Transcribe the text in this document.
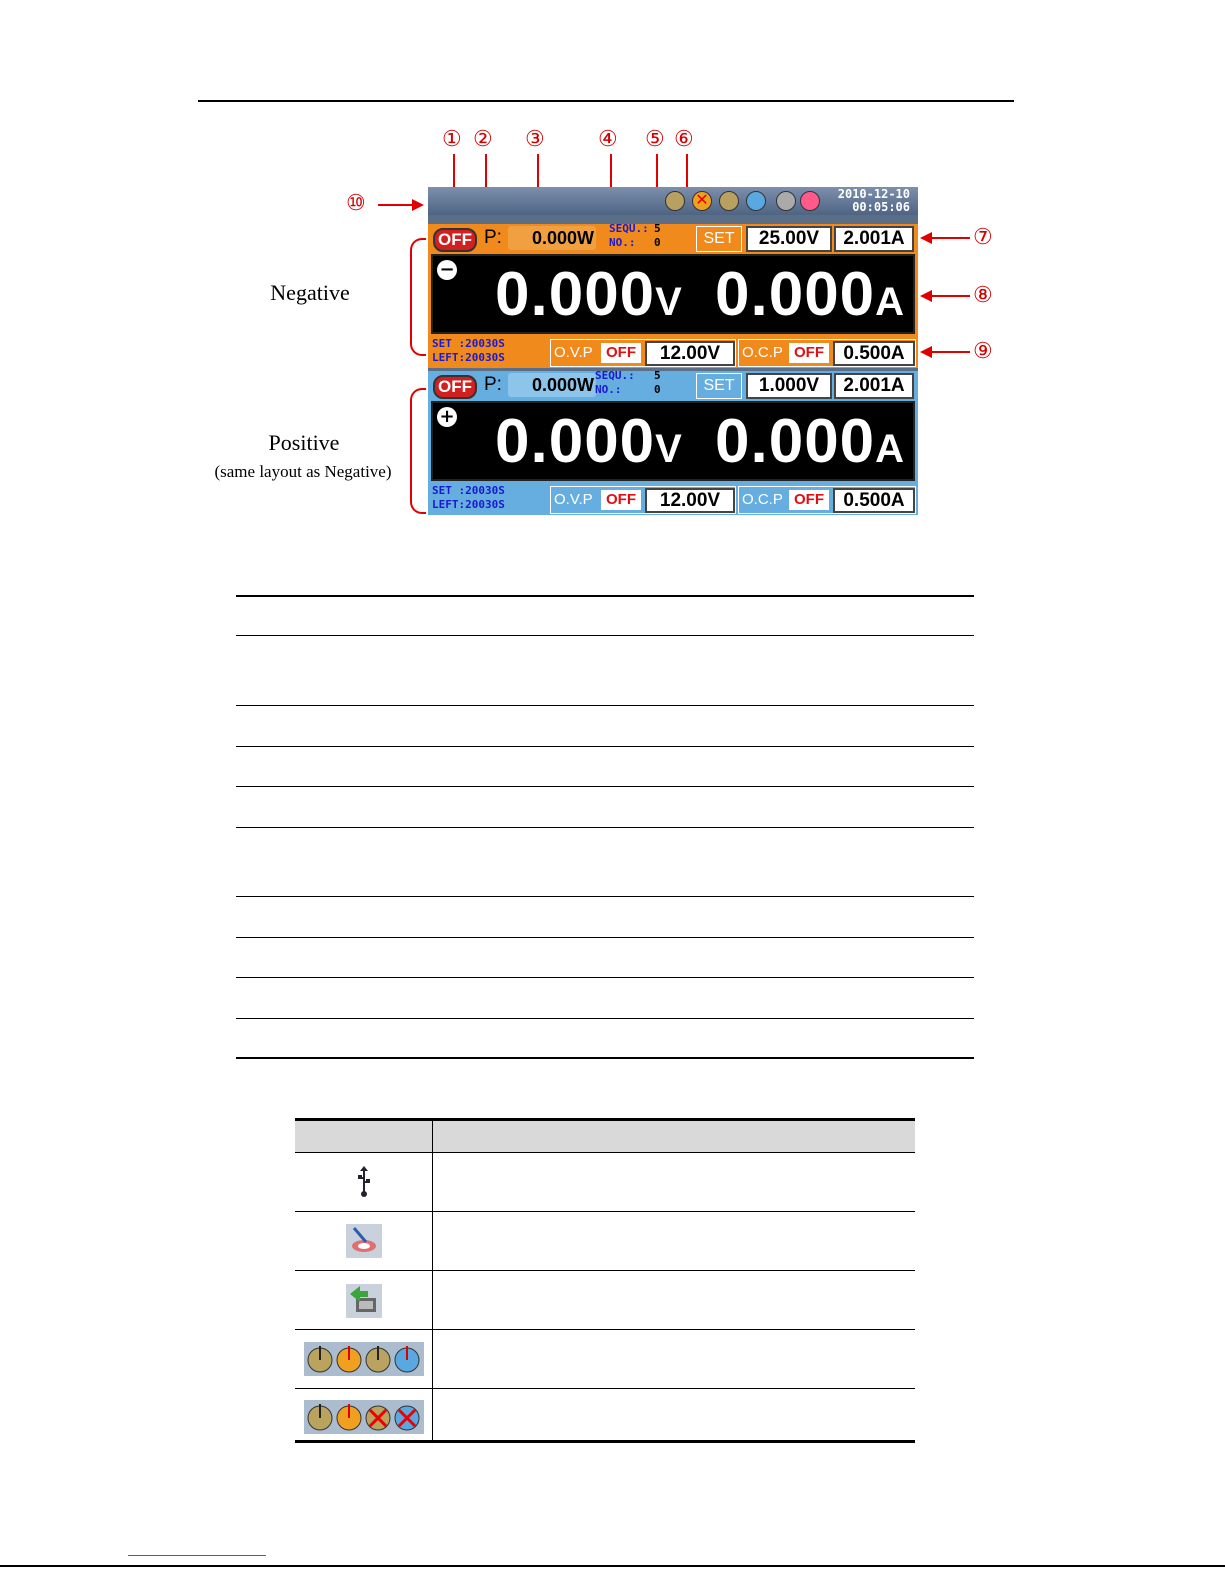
① ② ③ ④ ⑤ ⑥
⑩
⑦
⑧
⑨
Negative
Positive
(same layout as Negative)
✕	2010-12-10
00:05:06
OFF P:	0.000W SEQU.: 5
NO.: 0	SET	25.00V	2.001A
− 0.000V 0.000A
SET :20030S
LEFT:20030S	O.V.P OFF	12.00V	O.C.P OFF	0.500A
OFF P:	0.000W SEQU.: 5
NO.:	0	SET	1.000V	2.001A
+ 0.000V 0.000A
SET :20030S
LEFT:20030S	O.V.P OFF	12.00V	O.C.P OFF	0.500A
